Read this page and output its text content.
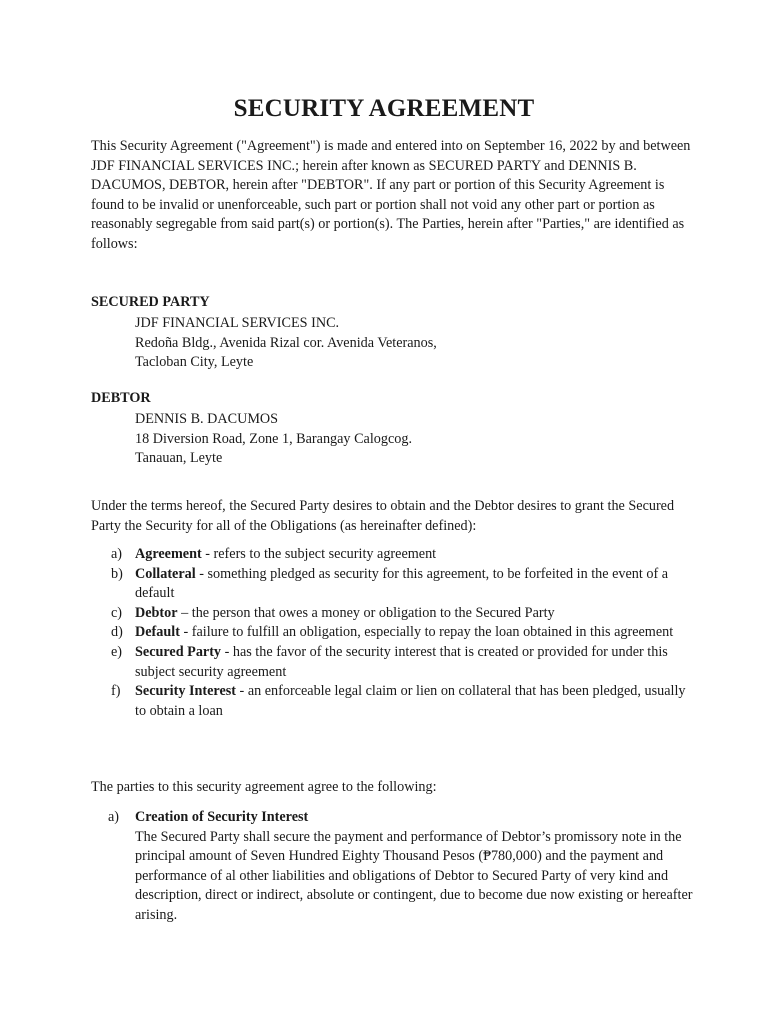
SECURITY AGREEMENT

This Security Agreement ("Agreement") is made and entered into on September 16, 2022 by and between JDF FINANCIAL SERVICES INC.; herein after known as SECURED PARTY and DENNIS B. DACUMOS, DEBTOR, herein after "DEBTOR". If any part or portion of this Security Agreement is found to be invalid or unenforceable, such part or portion shall not void any other part or portion as reasonably segregable from said part(s) or portion(s). The Parties, herein after "Parties," are identified as follows:

SECURED PARTY
JDF FINANCIAL SERVICES INC.
Redoña Bldg., Avenida Rizal cor. Avenida Veteranos,
Tacloban City, Leyte
DEBTOR
DENNIS B. DACUMOS
18 Diversion Road, Zone 1, Barangay Calogcog.
Tanauan, Leyte

Under the terms hereof, the Secured Party desires to obtain and the Debtor desires to grant the Secured Party the Security for all of the Obligations (as hereinafter defined):

a) Agreement - refers to the subject security agreement
b) Collateral - something pledged as security for this agreement, to be forfeited in the event of a default
c) Debtor – the person that owes a money or obligation to the Secured Party
d) Default - failure to fulfill an obligation, especially to repay the loan obtained in this agreement
e) Secured Party - has the favor of the security interest that is created or provided for under this subject security agreement
f)	Security Interest - an enforceable legal claim or lien on collateral that has been pledged, usually to obtain a loan

The parties to this security agreement agree to the following:

a)	Creation of Security Interest
The Secured Party shall secure the payment and performance of Debtor’s promissory note in the principal amount of Seven Hundred Eighty Thousand Pesos (₱780,000) and the payment and performance of al other liabilities and obligations of Debtor to Secured Party of very kind and description, direct or indirect, absolute or contingent, due to become due now existing or hereafter arising.
